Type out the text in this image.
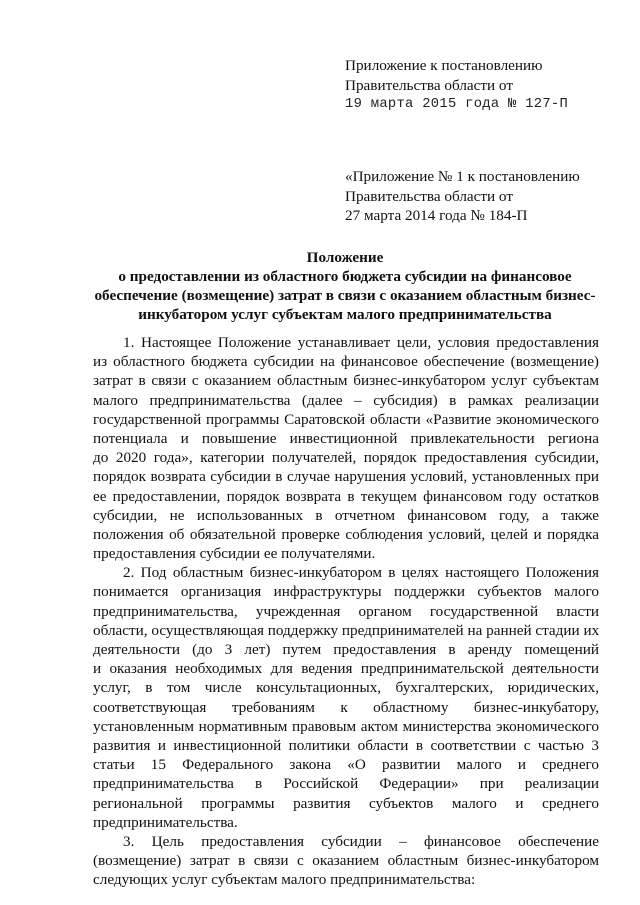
Приложение к постановлению
Правительства области от
19 марта 2015 года № 127-П
«Приложение № 1 к постановлению
Правительства области от
27 марта 2014 года № 184-П
Положение
о предоставлении из областного бюджета субсидии на финансовое
обеспечение (возмещение) затрат в связи с оказанием областным бизнес-
инкубатором услуг субъектам малого предпринимательства
1. Настоящее Положение устанавливает цели, условия предоставления
из областного бюджета субсидии на финансовое обеспечение (возмещение)
затрат в связи с оказанием областным бизнес-инкубатором услуг субъектам
малого предпринимательства (далее – субсидия) в рамках реализации
государственной программы Саратовской области «Развитие экономического
потенциала и повышение инвестиционной привлекательности региона
до 2020 года», категории получателей, порядок предоставления субсидии,
порядок возврата субсидии в случае нарушения условий, установленных при
ее предоставлении, порядок возврата в текущем финансовом году остатков
субсидии, не использованных в отчетном финансовом году, а также
положения об обязательной проверке соблюдения условий, целей и порядка
предоставления субсидии ее получателями.
2. Под областным бизнес-инкубатором в целях настоящего Положения
понимается организация инфраструктуры поддержки субъектов малого
предпринимательства, учрежденная органом государственной власти
области, осуществляющая поддержку предпринимателей на ранней стадии их
деятельности (до 3 лет) путем предоставления в аренду помещений
и оказания необходимых для ведения предпринимательской деятельности
услуг, в том числе консультационных, бухгалтерских, юридических,
соответствующая требованиям к областному бизнес-инкубатору,
установленным нормативным правовым актом министерства экономического
развития и инвестиционной политики области в соответствии с частью 3
статьи 15 Федерального закона «О развитии малого и среднего
предпринимательства в Российской Федерации» при реализации
региональной программы развития субъектов малого и среднего
предпринимательства.
3. Цель предоставления субсидии – финансовое обеспечение
(возмещение) затрат в связи с оказанием областным бизнес-инкубатором
следующих услуг субъектам малого предпринимательства:
